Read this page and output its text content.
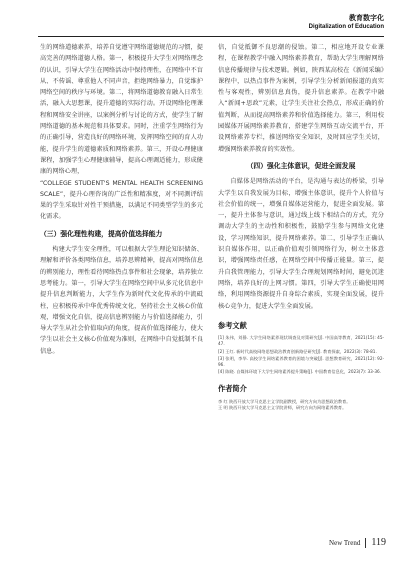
教育数字化
Digitalization of Education

生的网络道德素养，培养自觉遵守网络道德规范的习惯，提高完善的网络道德人格。第一，积极提升大学生对网络理念的认识，引导大学生在网络活动中保持理性，在网络中不盲从、不传谣、尊重他人不同声音，拒绝网络暴力，自觉维护网络空间的秩序与环境。第二，将网络道德教育融入日常生活，融入大思想课，提升道德的实际行动。开设网络伦理课程和网络安全讲座，以案例分析与讨论的方式，使学生了解网络道德的基本规范和具体要求。同时，注重学生网络行为的正确引导，营造良好的网络环境，发挥网络空间的育人功能，提升学生的道德素质和网络素养。第三，开设心理健康课程，加强学生心理健康辅导，提高心理调适能力，形成健康的网络心理，

“COLLEGE STUDENT'S MENTAL HEALTH SCREENING SCALE”，提升心理咨询的广泛性和精准度，对不同测评结果的学生采取针对性干预措施，以满足不同类型学生的多元化需求。

（三）强化理性构建，提高价值选择能力

构建大学生安全理性，可以根据大学生理论知识储备、理解和评价各类网络信息，培养思辨精神，提高对网络信息的辨别能力，理性看待网络热点事件和社会现象，培养独立思考能力。第一，引导大学生在网络空间中从多元化信息中提升信息判断能力，大学生作为新时代文化传承的中流砥柱，应积极传承中华优秀传统文化，坚持社会主义核心价值观，增强文化自信，提高信息辨别能力与价值选择能力，引导大学生从社会价值取向的角度，提高价值选择能力，使大学生以社会主义核心价值观为准则，在网络中自觉抵制不良信息。

信，自觉抵御不良思潮的侵蚀。第二，相应地开设专业课程，在课程教学中融入网络素养教育，帮助大学生理解网络信息传播规律与技术逻辑。例如，陕西某高校在《新闻采编》课程中，以热点事件为案例，引导学生分析新闻报道的真实性与客观性，辨别信息真伪，提升信息素养。在教学中融入“新闻+思政”元素，让学生关注社会热点，形成正确的价值判断，从而提高网络素养和价值选择能力。第三，利用校园媒体开展网络素养教育，搭建学生网络互动交流平台，开设网络素养专栏，推送网络安全知识，及时回应学生关切，增强网络素养教育的实效性。

（四）强化主体意识，促进全面发展

自媒体是网络活动的平台，是沟通与表达的桥梁，引导大学生以自我发展为目标，增强主体意识，提升个人价值与社会价值的统一，增强自媒体运营能力，促进全面发展。第一，提升主体参与意识，通过线上线下相结合的方式，充分调动大学生的主动性和积极性，鼓励学生参与网络文化建设，学习网络知识，提升网络素养。第二，引导学生正确认识自媒体作用，以正确价值观引领网络行为，树立主体意识，增强网络责任感，在网络空间中传播正能量。第三，提升自我管理能力，引导大学生合理规划网络时间，避免沉迷网络，培养良好的上网习惯。第四，引导大学生正确使用网络，利用网络资源提升自身综合素质，实现全面发展，提升核心竞争力，促进大学生全面发展。

参考文献
[1] 朱伟，刘静. 大学生网络素养现状调查及对策研究[J]. 中国高等教育，2021(15): 45-47.
[2] 王红. 新时代高校网络思想政治教育创新路径研究[J]. 教育探索，2022(3): 78-81.
[3] 张明，李华. 高校学生网络素养教育的困境与突破[J]. 思想教育研究，2021(12): 92-96.
[4] 陈晓. 自媒体环境下大学生网络素养提升策略[J]. 中国教育信息化，2023(7): 33-36.
作者简介
李 红 陕西开放大学马克思主义学院副教授，研究方向为思想政治教育。
王 明 陕西开放大学马克思主义学院讲师，研究方向为网络素养教育。
New Trend 119
